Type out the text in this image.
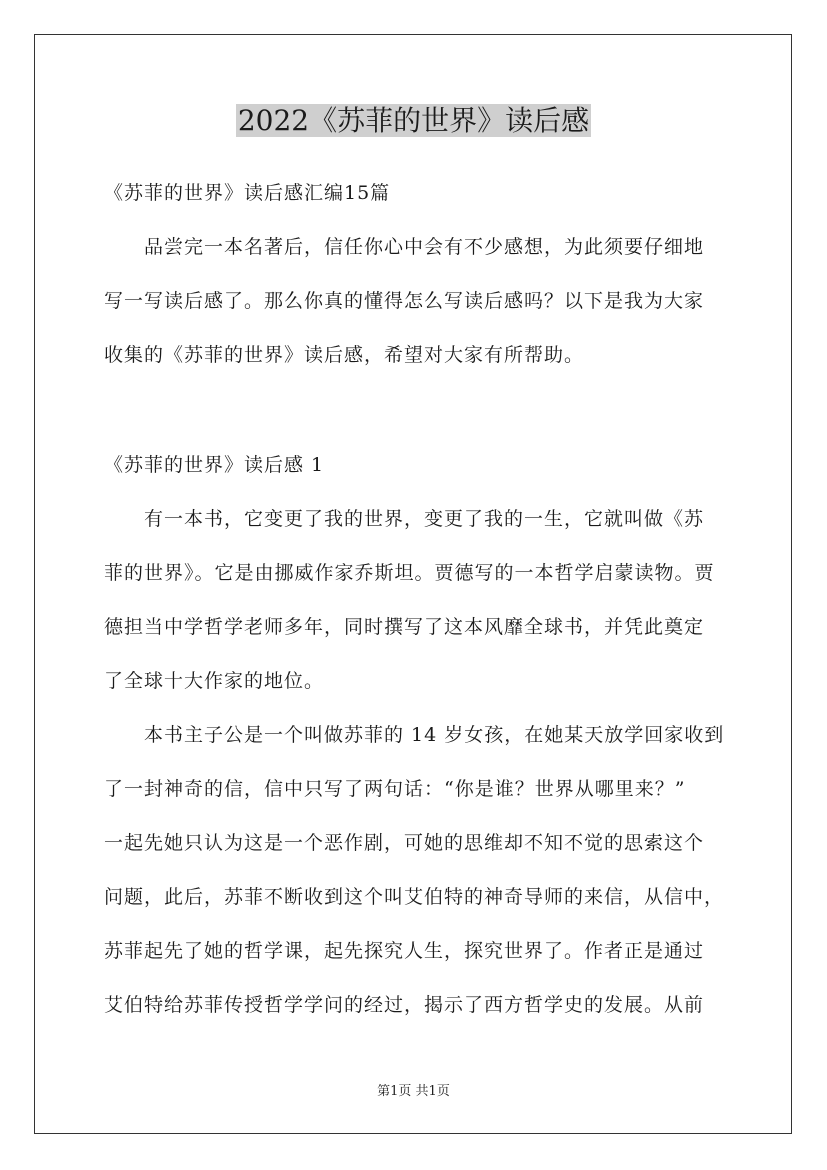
2022《苏菲的世界》读后感
《苏菲的世界》读后感汇编15篇
品尝完一本名著后，信任你心中会有不少感想，为此须要仔细地
写一写读后感了。那么你真的懂得怎么写读后感吗？以下是我为大家
收集的《苏菲的世界》读后感，希望对大家有所帮助。
《苏菲的世界》读后感 1
有一本书，它变更了我的世界，变更了我的一生，它就叫做《苏
菲的世界》。它是由挪威作家乔斯坦。贾德写的一本哲学启蒙读物。贾
德担当中学哲学老师多年，同时撰写了这本风靡全球书，并凭此奠定
了全球十大作家的地位。
本书主子公是一个叫做苏菲的 14 岁女孩，在她某天放学回家收到
了一封神奇的信，信中只写了两句话：“你是谁？世界从哪里来？”
一起先她只认为这是一个恶作剧，可她的思维却不知不觉的思索这个
问题，此后，苏菲不断收到这个叫艾伯特的神奇导师的来信，从信中，
苏菲起先了她的哲学课，起先探究人生，探究世界了。作者正是通过
艾伯特给苏菲传授哲学学问的经过，揭示了西方哲学史的发展。从前
第1页 共1页
